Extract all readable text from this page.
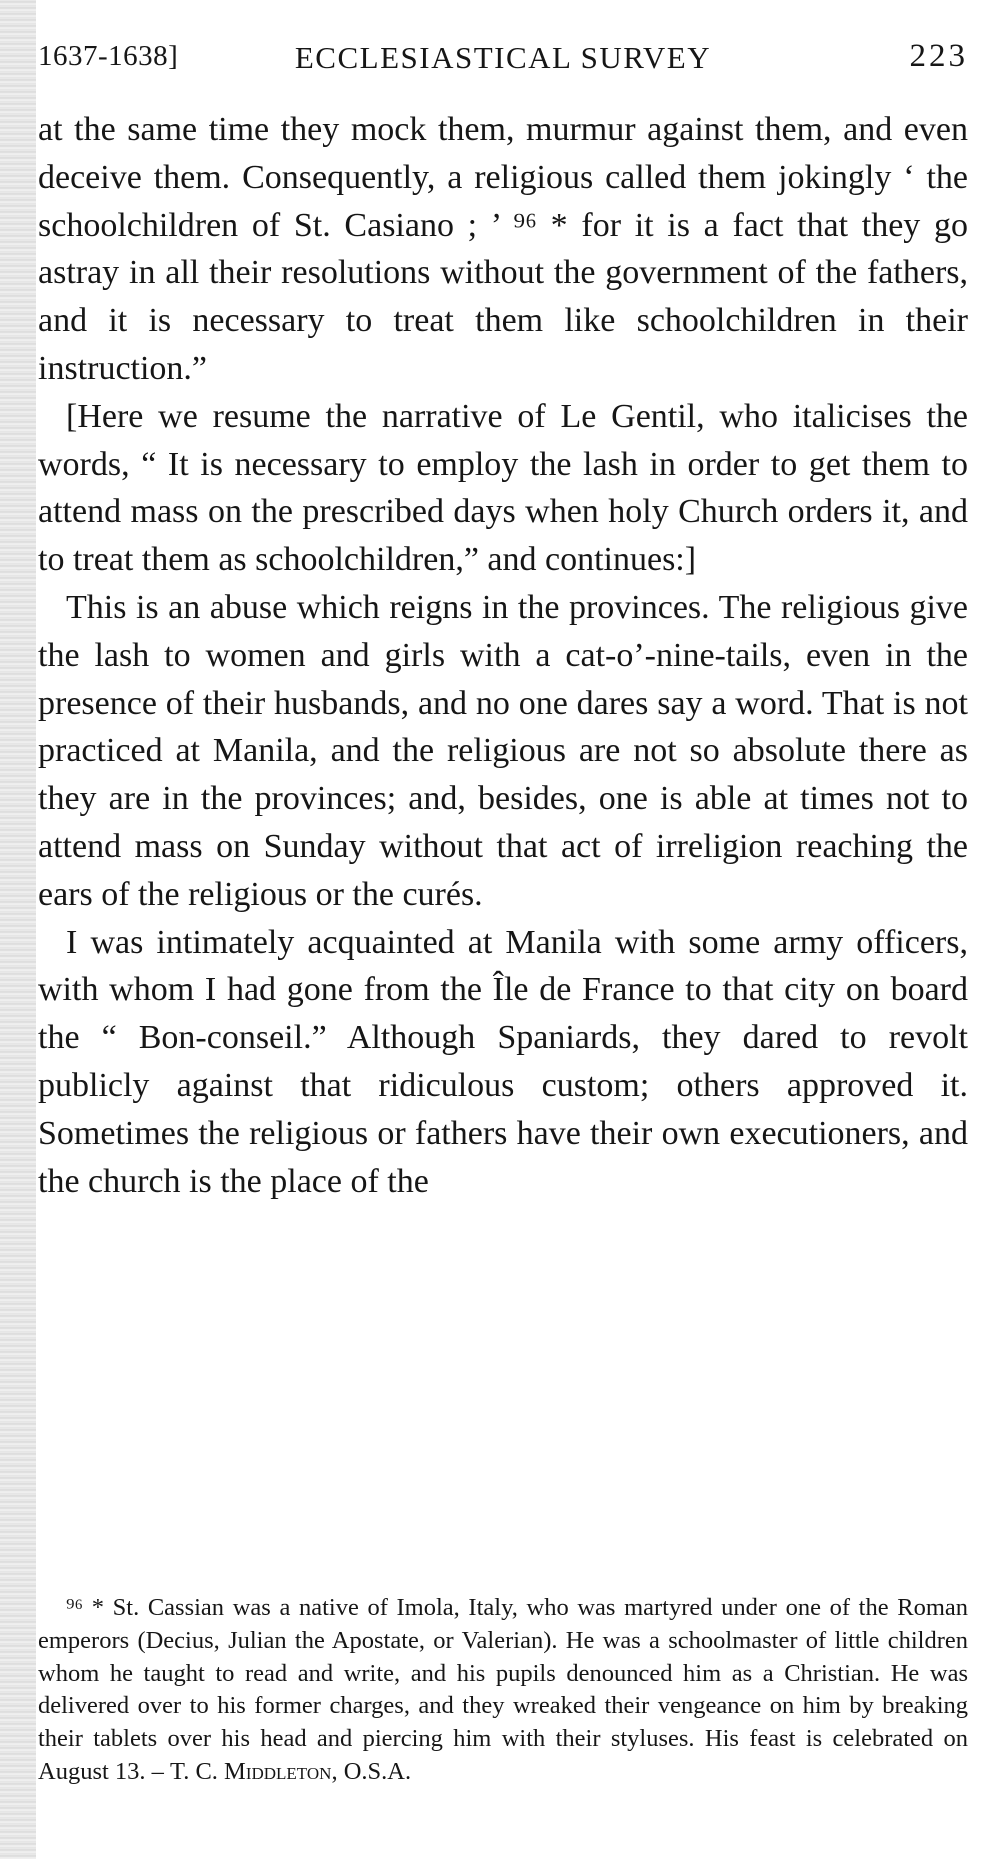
1637-1638]	ECCLESIASTICAL SURVEY	223

at the same time they mock them, murmur against them, and even deceive them. Consequently, a religious called them jokingly ‘ the schoolchildren of St. Casiano ; ’ ⁹⁶ * for it is a fact that they go astray in all their resolutions without the government of the fathers, and it is necessary to treat them like schoolchildren in their instruction.”

[Here we resume the narrative of Le Gentil, who italicises the words, “ It is necessary to employ the lash in order to get them to attend mass on the prescribed days when holy Church orders it, and to treat them as schoolchildren,” and continues:]

This is an abuse which reigns in the provinces. The religious give the lash to women and girls with a cat-o’-nine-tails, even in the presence of their husbands, and no one dares say a word. That is not practiced at Manila, and the religious are not so absolute there as they are in the provinces; and, besides, one is able at times not to attend mass on Sunday without that act of irreligion reaching the ears of the religious or the curés.

I was intimately acquainted at Manila with some army officers, with whom I had gone from the Île de France to that city on board the “ Bon-conseil.” Although Spaniards, they dared to revolt publicly against that ridiculous custom; others approved it. Sometimes the religious or fathers have their own executioners, and the church is the place of the

⁹⁶ * St. Cassian was a native of Imola, Italy, who was martyred under one of the Roman emperors (Decius, Julian the Apostate, or Valerian). He was a schoolmaster of little children whom he taught to read and write, and his pupils denounced him as a Christian. He was delivered over to his former charges, and they wreaked their vengeance on him by breaking their tablets over his head and piercing him with their styluses. His feast is celebrated on August 13. – T. C. Middleton, O.S.A.
